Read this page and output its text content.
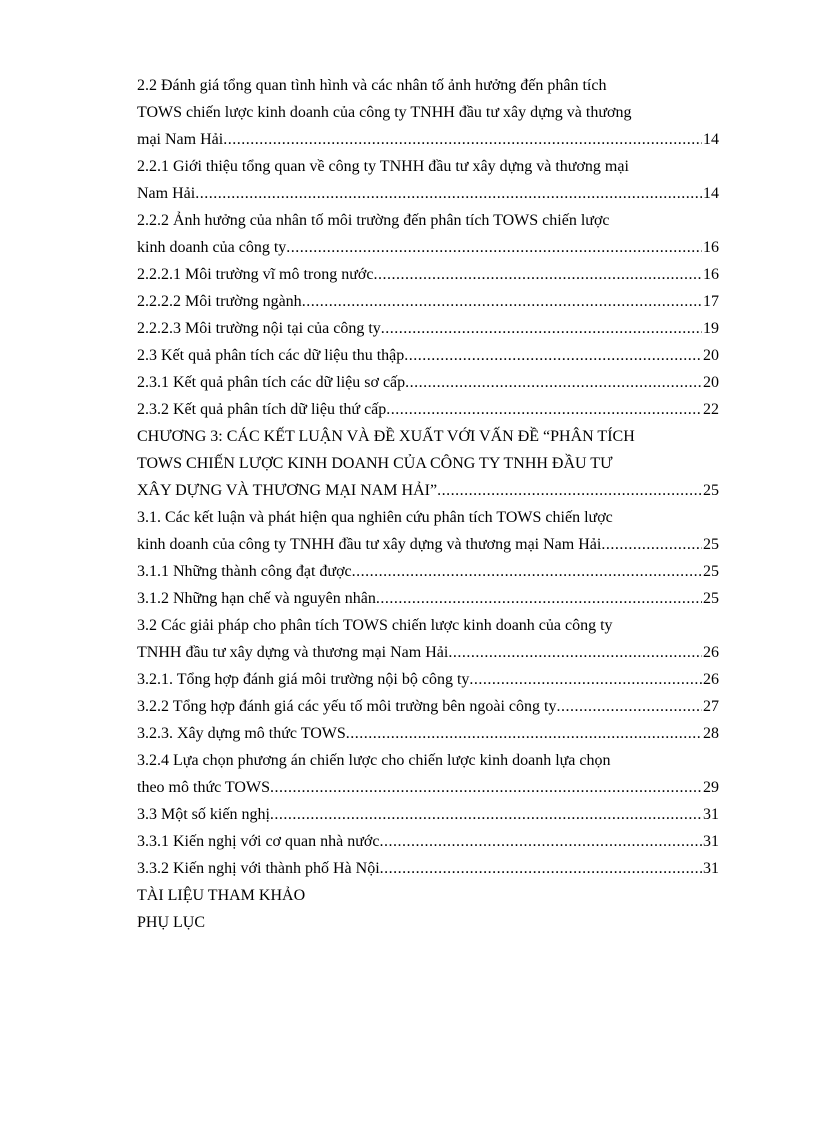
2.2 Đánh giá tổng quan tình hình và các nhân tố ảnh hưởng đến phân tích
TOWS chiến lược kinh doanh của công ty TNHH đầu tư xây dựng và thương
mại Nam Hải .....	14
2.2.1 Giới thiệu tổng quan về công ty TNHH đầu tư xây dựng và thương mại
Nam Hải .....	14
2.2.2 Ảnh hưởng của nhân tố môi trường đến phân tích TOWS chiến lược
kinh doanh của công ty .....	16
2.2.2.1 Môi trường vĩ mô trong nước .....	16
2.2.2.2 Môi trường ngành .....	17
2.2.2.3 Môi trường nội tại của công ty .....	19
2.3 Kết quả phân tích các dữ liệu thu thập .....	20
2.3.1 Kết quả phân tích các dữ liệu sơ cấp .....	20
2.3.2 Kết quả phân tích dữ liệu thứ cấp .....	22
CHƯƠNG 3: CÁC KẾT LUẬN VÀ ĐỀ XUẤT VỚI VẤN ĐỀ “PHÂN TÍCH
TOWS CHIẾN LƯỢC KINH DOANH CỦA CÔNG TY TNHH ĐẦU TƯ
XÂY DỰNG VÀ THƯƠNG MẠI NAM HẢI” .....	25
3.1. Các kết luận và phát hiện qua nghiên cứu phân tích TOWS chiến lược
kinh doanh của công ty TNHH đầu tư xây dựng và thương mại Nam Hải .....	25
3.1.1 Những thành công đạt được .....	25
3.1.2 Những hạn chế và nguyên nhân .....	25
3.2 Các giải pháp cho phân tích TOWS chiến lược kinh doanh của công ty
TNHH đầu tư xây dựng và thương mại Nam Hải .....	26
3.2.1. Tổng hợp đánh giá môi trường nội bộ công ty .....	26
3.2.2 Tổng hợp đánh giá các yếu tố môi trường bên ngoài công ty .....	27
3.2.3. Xây dựng mô thức TOWS .....	28
3.2.4 Lựa chọn phương án chiến lược cho chiến lược kinh doanh lựa chọn
theo mô thức TOWS .....	29
3.3 Một số kiến nghị .....	31
3.3.1 Kiến nghị với cơ quan nhà nước .....	31
3.3.2 Kiến nghị với thành phố Hà Nội .....	31
TÀI LIỆU THAM KHẢO
PHỤ LỤC
